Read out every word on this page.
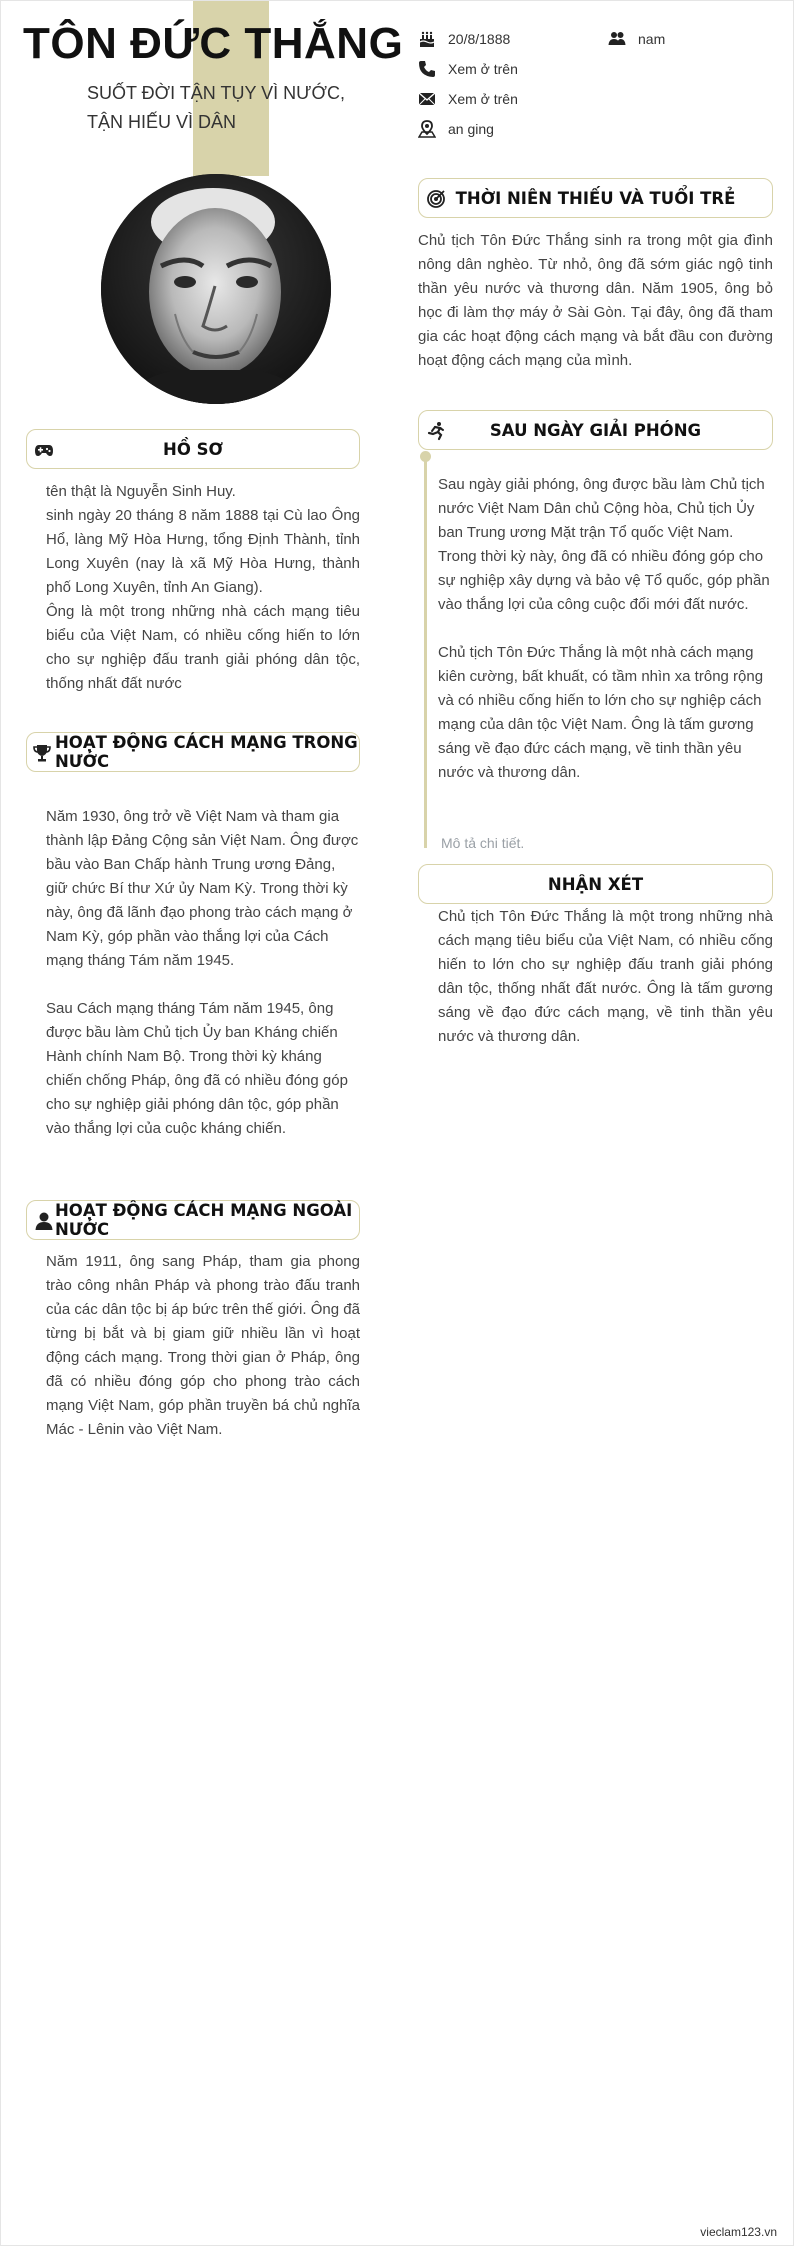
TÔN ĐỨC THẮNG
SUỐT ĐỜI TẬN TỤY VÌ NƯỚC, TẬN HIẾU VÌ DÂN
20/8/1888	nam
Xem ở trên
Xem ở trên
an ging
HỒ SƠ

tên thật là Nguyễn Sinh Huy.

sinh ngày 20 tháng 8 năm 1888 tại Cù lao Ông Hổ, làng Mỹ Hòa Hưng, tổng Định Thành, tỉnh Long Xuyên (nay là xã Mỹ Hòa Hưng, thành phố Long Xuyên, tỉnh An Giang).

Ông là một trong những nhà cách mạng tiêu biểu của Việt Nam, có nhiều cống hiến to lớn cho sự nghiệp đấu tranh giải phóng dân tộc, thống nhất đất nước

HOẠT ĐỘNG CÁCH MẠNG TRONG NƯỚC

Năm 1930, ông trở về Việt Nam và tham gia thành lập Đảng Cộng sản Việt Nam. Ông được bầu vào Ban Chấp hành Trung ương Đảng, giữ chức Bí thư Xứ ủy Nam Kỳ. Trong thời kỳ này, ông đã lãnh đạo phong trào cách mạng ở Nam Kỳ, góp phần vào thắng lợi của Cách mạng tháng Tám năm 1945.

Sau Cách mạng tháng Tám năm 1945, ông được bầu làm Chủ tịch Ủy ban Kháng chiến Hành chính Nam Bộ. Trong thời kỳ kháng chiến chống Pháp, ông đã có nhiều đóng góp cho sự nghiệp giải phóng dân tộc, góp phần vào thắng lợi của cuộc kháng chiến.

HOẠT ĐỘNG CÁCH MẠNG NGOÀI NƯỚC
Năm 1911, ông sang Pháp, tham gia phong trào công nhân Pháp và phong trào đấu tranh của các dân tộc bị áp bức trên thế giới. Ông đã từng bị bắt và bị giam giữ nhiều lần vì hoạt động cách mạng. Trong thời gian ở Pháp, ông đã có nhiều đóng góp cho phong trào cách mạng Việt Nam, góp phần truyền bá chủ nghĩa Mác - Lênin vào Việt Nam.
THỜI NIÊN THIẾU VÀ TUỔI TRẺ
Chủ tịch Tôn Đức Thắng sinh ra trong một gia đình nông dân nghèo. Từ nhỏ, ông đã sớm giác ngộ tinh thần yêu nước và thương dân. Năm 1905, ông bỏ học đi làm thợ máy ở Sài Gòn. Tại đây, ông đã tham gia các hoạt động cách mạng và bắt đầu con đường hoạt động cách mạng của mình.
SAU NGÀY GIẢI PHÓNG

Sau ngày giải phóng, ông được bầu làm Chủ tịch nước Việt Nam Dân chủ Cộng hòa, Chủ tịch Ủy ban Trung ương Mặt trận Tổ quốc Việt Nam. Trong thời kỳ này, ông đã có nhiều đóng góp cho sự nghiệp xây dựng và bảo vệ Tổ quốc, góp phần vào thắng lợi của công cuộc đổi mới đất nước.

Chủ tịch Tôn Đức Thắng là một nhà cách mạng kiên cường, bất khuất, có tầm nhìn xa trông rộng và có nhiều cống hiến to lớn cho sự nghiệp cách mạng của dân tộc Việt Nam. Ông là tấm gương sáng về đạo đức cách mạng, về tinh thần yêu nước và thương dân.

Mô tả chi tiết.
NHẬN XÉT
Chủ tịch Tôn Đức Thắng là một trong những nhà cách mạng tiêu biểu của Việt Nam, có nhiều cống hiến to lớn cho sự nghiệp đấu tranh giải phóng dân tộc, thống nhất đất nước. Ông là tấm gương sáng về đạo đức cách mạng, về tinh thần yêu nước và thương dân.
vieclam123.vn
